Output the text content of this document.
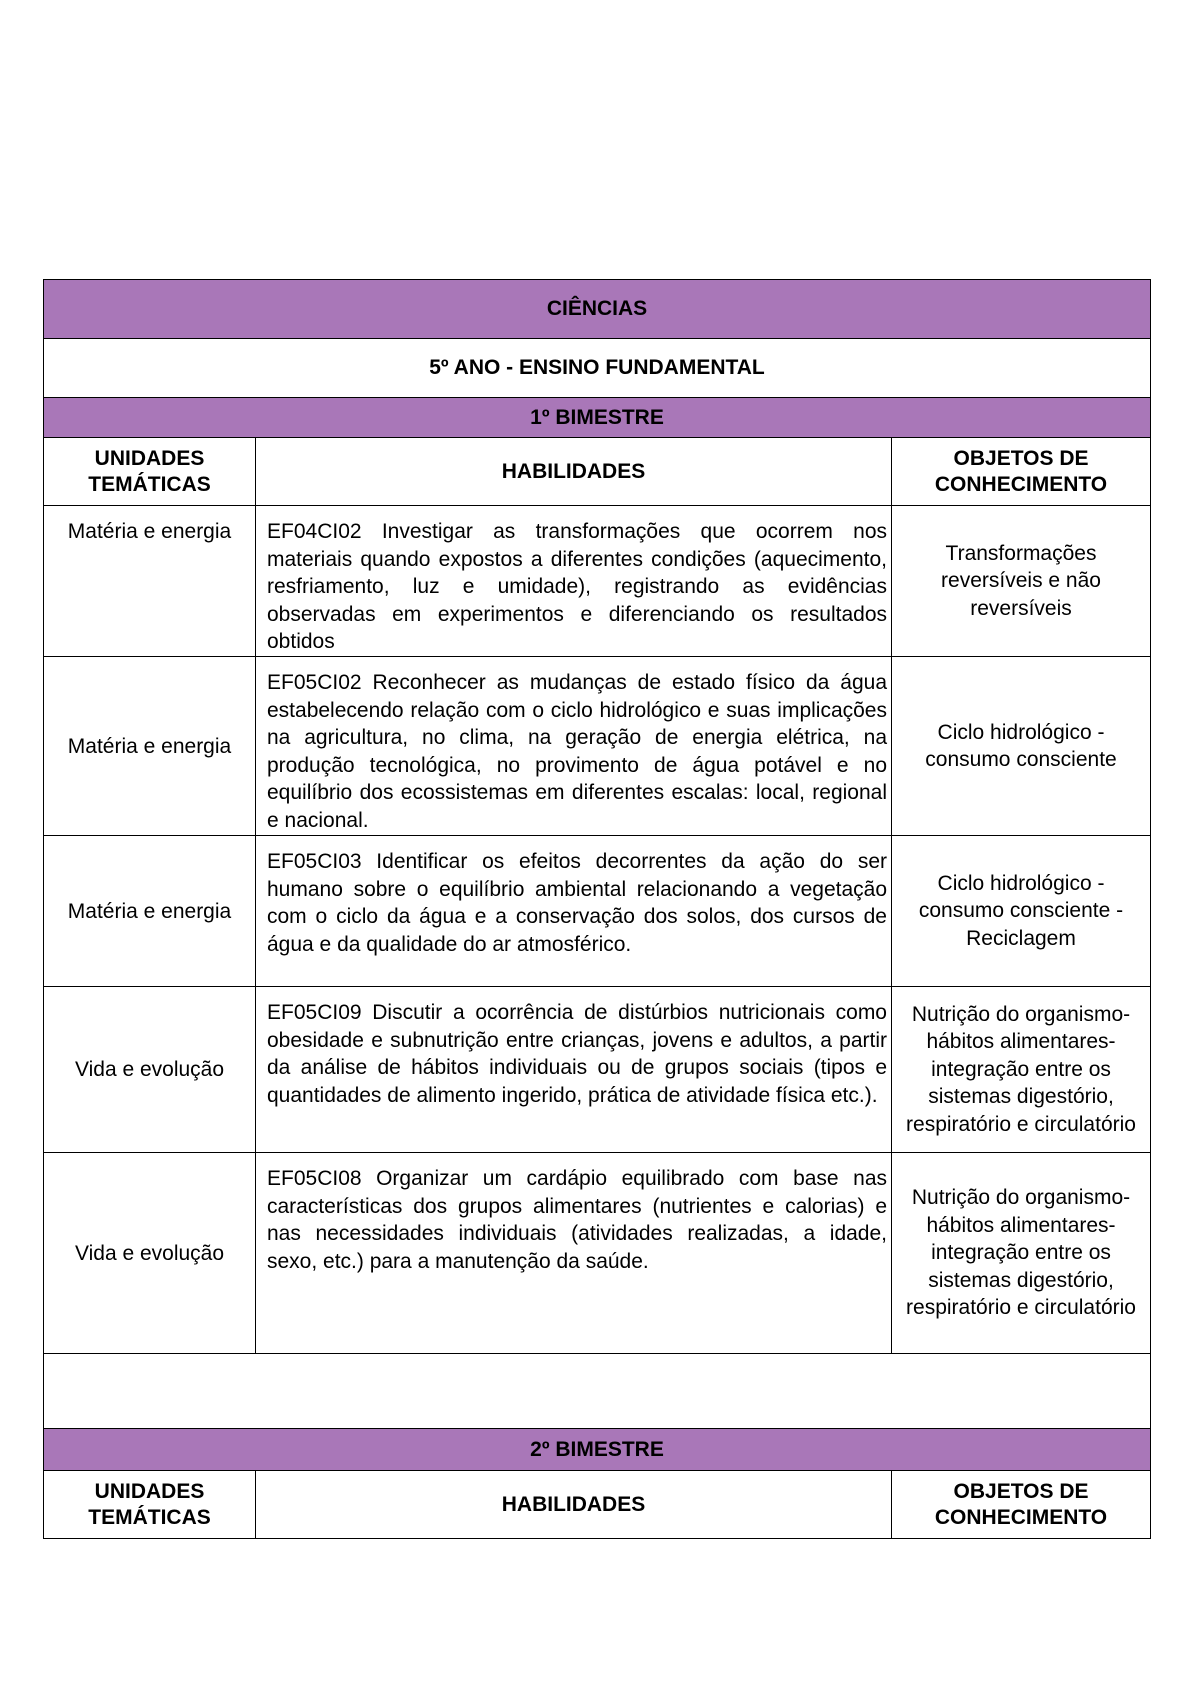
CIÊNCIAS		
5º ANO - ENSINO FUNDAMENTAL		
1º BIMESTRE		
UNIDADES TEMÁTICAS	HABILIDADES	OBJETOS DE CONHECIMENTO
Matéria e energia	EF04CI02 Investigar as transformações que ocorrem nos materiais quando expostos a diferentes condições (aquecimento, resfriamento, luz e umidade), registrando as evidências observadas em experimentos e diferenciando os resultados obtidos	Transformações reversíveis e não reversíveis
Matéria e energia	EF05CI02 Reconhecer as mudanças de estado físico da água estabelecendo relação com o ciclo hidrológico e suas implicações na agricultura, no clima, na geração de energia elétrica, na produção tecnológica, no provimento de água potável e no equilíbrio dos ecossistemas em diferentes escalas: local, regional e nacional.	Ciclo hidrológico - consumo consciente
Matéria e energia	EF05CI03 Identificar os efeitos decorrentes da ação do ser humano sobre o equilíbrio ambiental relacionando a vegetação com o ciclo da água e a conservação dos solos, dos cursos de água e da qualidade do ar atmosférico.	Ciclo hidrológico - consumo consciente - Reciclagem
Vida e evolução	EF05CI09 Discutir a ocorrência de distúrbios nutricionais como obesidade e subnutrição entre crianças, jovens e adultos, a partir da análise de hábitos individuais ou de grupos sociais (tipos e quantidades de alimento ingerido, prática de atividade física etc.).	Nutrição do organismo-hábitos alimentares-integração entre os sistemas digestório, respiratório e circulatório
Vida e evolução	EF05CI08 Organizar um cardápio equilibrado com base nas características dos grupos alimentares (nutrientes e calorias) e nas necessidades individuais (atividades realizadas, a idade, sexo, etc.) para a manutenção da saúde.	Nutrição do organismo-hábitos alimentares-integração entre os sistemas digestório, respiratório e circulatório

2º BIMESTRE		
UNIDADES TEMÁTICAS	HABILIDADES	OBJETOS DE CONHECIMENTO
